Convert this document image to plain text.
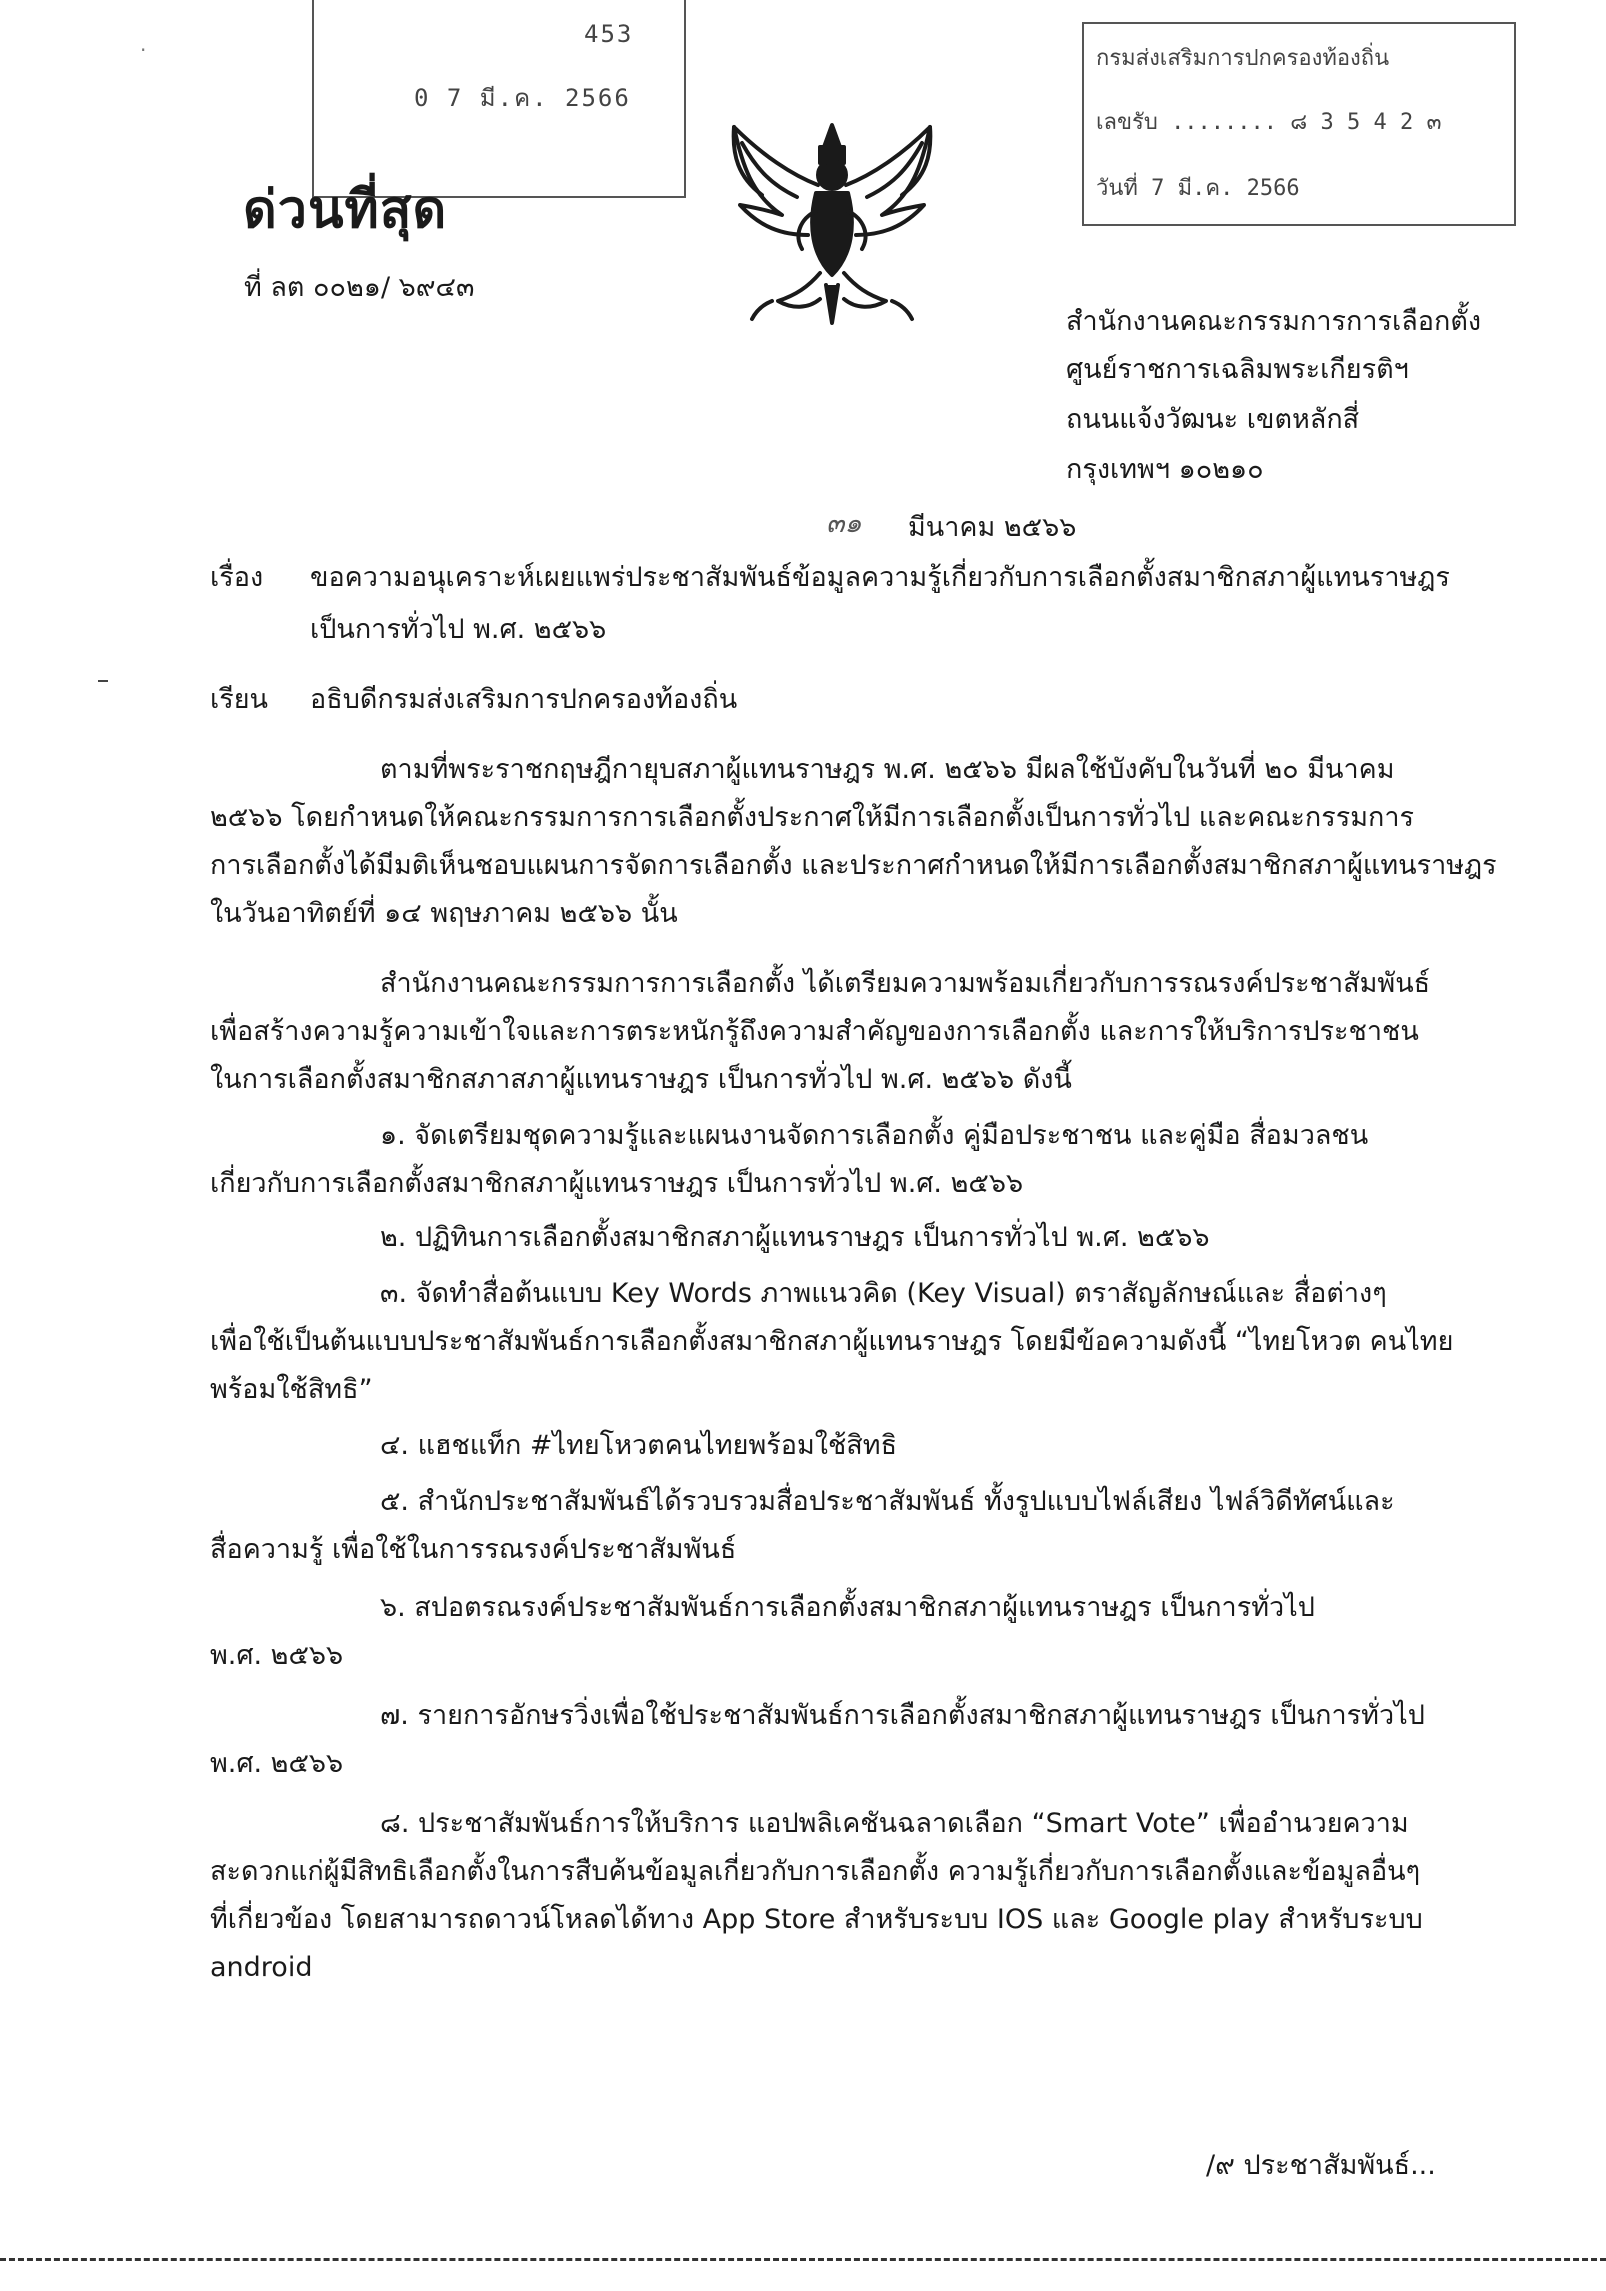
·
453
0 7 มี.ค. 2566
กรมส่งเสริมการปกครองท้องถิ่น
เลขรับ ........ ๘ 3 5 4 2 ๓
วันที่ 7 มี.ค. 2566
ด่วนที่สุด
ที่ ลต ๐๐๒๑/ ๖๙๔๓
สำนักงานคณะกรรมการการเลือกตั้ง
ศูนย์ราชการเฉลิมพระเกียรติฯ
ถนนแจ้งวัฒนะ เขตหลักสี่
กรุงเทพฯ ๑๐๒๑๐
๓๑ มีนาคม ๒๕๖๖
เรื่อง ขอความอนุเคราะห์เผยแพร่ประชาสัมพันธ์ข้อมูลความรู้เกี่ยวกับการเลือกตั้งสมาชิกสภาผู้แทนราษฎร
เป็นการทั่วไป พ.ศ. ๒๕๖๖
เรียน อธิบดีกรมส่งเสริมการปกครองท้องถิ่น
ตามที่พระราชกฤษฎีกายุบสภาผู้แทนราษฎร พ.ศ. ๒๕๖๖ มีผลใช้บังคับในวันที่ ๒๐ มีนาคม
๒๕๖๖ โดยกำหนดให้คณะกรรมการการเลือกตั้งประกาศให้มีการเลือกตั้งเป็นการทั่วไป และคณะกรรมการ
การเลือกตั้งได้มีมติเห็นชอบแผนการจัดการเลือกตั้ง และประกาศกำหนดให้มีการเลือกตั้งสมาชิกสภาผู้แทนราษฎร
ในวันอาทิตย์ที่ ๑๔ พฤษภาคม ๒๕๖๖ นั้น
สำนักงานคณะกรรมการการเลือกตั้ง ได้เตรียมความพร้อมเกี่ยวกับการรณรงค์ประชาสัมพันธ์
เพื่อสร้างความรู้ความเข้าใจและการตระหนักรู้ถึงความสำคัญของการเลือกตั้ง และการให้บริการประชาชน
ในการเลือกตั้งสมาชิกสภาสภาผู้แทนราษฎร เป็นการทั่วไป พ.ศ. ๒๕๖๖ ดังนี้
๑. จัดเตรียมชุดความรู้และแผนงานจัดการเลือกตั้ง คู่มือประชาชน และคู่มือ สื่อมวลชน
เกี่ยวกับการเลือกตั้งสมาชิกสภาผู้แทนราษฎร เป็นการทั่วไป พ.ศ. ๒๕๖๖
๒. ปฏิทินการเลือกตั้งสมาชิกสภาผู้แทนราษฎร เป็นการทั่วไป พ.ศ. ๒๕๖๖
๓. จัดทำสื่อต้นแบบ Key Words ภาพแนวคิด (Key Visual) ตราสัญลักษณ์และ สื่อต่างๆ
เพื่อใช้เป็นต้นแบบประชาสัมพันธ์การเลือกตั้งสมาชิกสภาผู้แทนราษฎร โดยมีข้อความดังนี้ “ไทยโหวต คนไทย
พร้อมใช้สิทธิ”
๔. แฮชแท็ก #ไทยโหวตคนไทยพร้อมใช้สิทธิ
๕. สำนักประชาสัมพันธ์ได้รวบรวมสื่อประชาสัมพันธ์ ทั้งรูปแบบไฟล์เสียง ไฟล์วิดีทัศน์และ
สื่อความรู้ เพื่อใช้ในการรณรงค์ประชาสัมพันธ์
๖. สปอตรณรงค์ประชาสัมพันธ์การเลือกตั้งสมาชิกสภาผู้แทนราษฎร เป็นการทั่วไป
พ.ศ. ๒๕๖๖
๗. รายการอักษรวิ่งเพื่อใช้ประชาสัมพันธ์การเลือกตั้งสมาชิกสภาผู้แทนราษฎร เป็นการทั่วไป
พ.ศ. ๒๕๖๖
๘. ประชาสัมพันธ์การให้บริการ แอปพลิเคชันฉลาดเลือก “Smart Vote” เพื่ออำนวยความ
สะดวกแก่ผู้มีสิทธิเลือกตั้งในการสืบค้นข้อมูลเกี่ยวกับการเลือกตั้ง ความรู้เกี่ยวกับการเลือกตั้งและข้อมูลอื่นๆ
ที่เกี่ยวข้อง โดยสามารถดาวน์โหลดได้ทาง App Store สำหรับระบบ IOS และ Google play สำหรับระบบ
android
/๙ ประชาสัมพันธ์...
